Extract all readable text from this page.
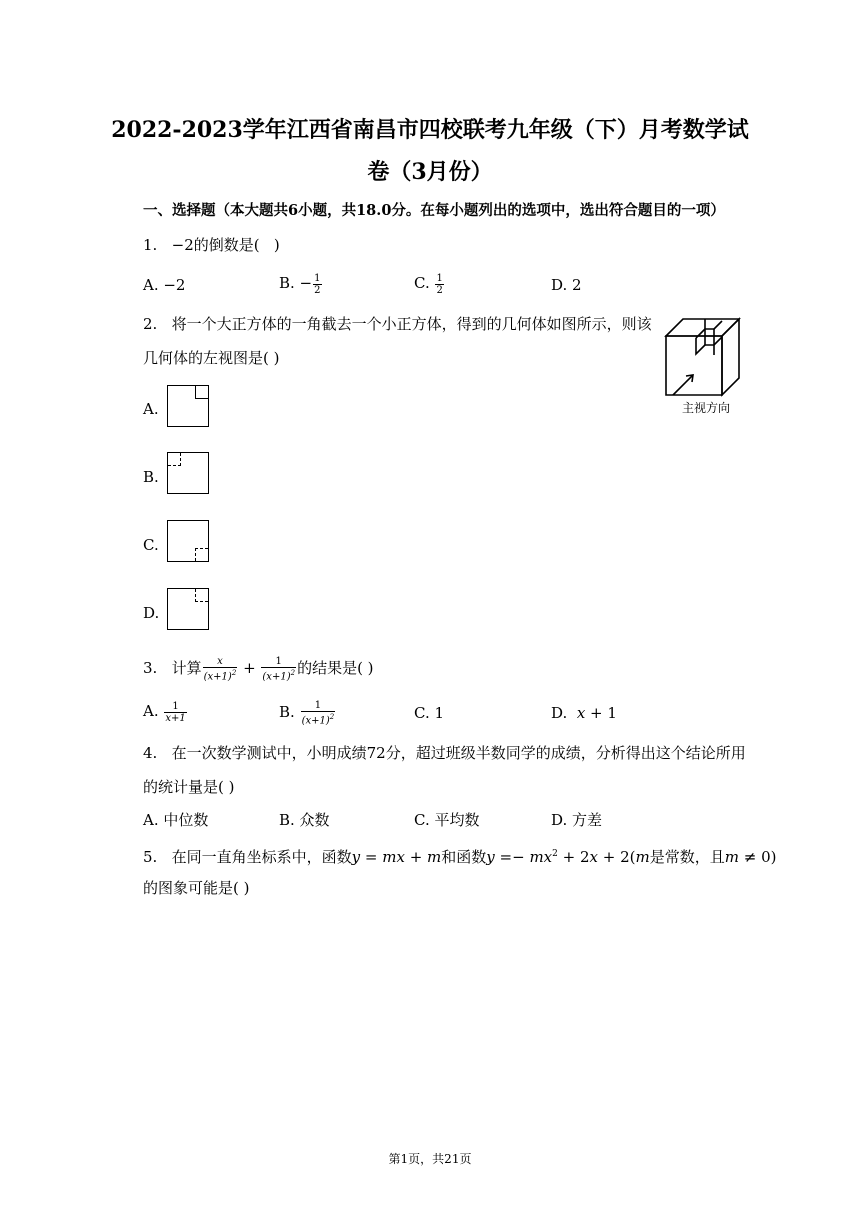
2022-2023学年江西省南昌市四校联考九年级（下）月考数学试
卷（3月份）
一、选择题（本大题共6小题，共18.0分。在每小题列出的选项中，选出符合题目的一项）
1. −2的倒数是( )
A. −2	B. − $\frac{1}{2}$	C. $\frac{1}{2}$	D. 2
2. 将一个大正方体的一角截去一个小正方体，得到的几何体如图所示，则该
几何体的左视图是( )
主视方向
A.
B.
C.
D.
3. 计算 $\frac{x}{(x+1)^2} + \frac{1}{(x+1)^2}$ 的结果是( )
A. $\frac{1}{x+1}$	B. $\frac{1}{(x+1)^2}$	C. 1	D. x + 1
4. 在一次数学测试中，小明成绩72分，超过班级半数同学的成绩，分析得出这个结论所用
的统计量是( )
A. 中位数	B. 众数	C. 平均数	D. 方差
5. 在同一直角坐标系中，函数y = mx + m和函数$y =- mx^2 + 2x + 2(m$是常数，且m ≠ 0)
的图象可能是( )
第1页，共21页
